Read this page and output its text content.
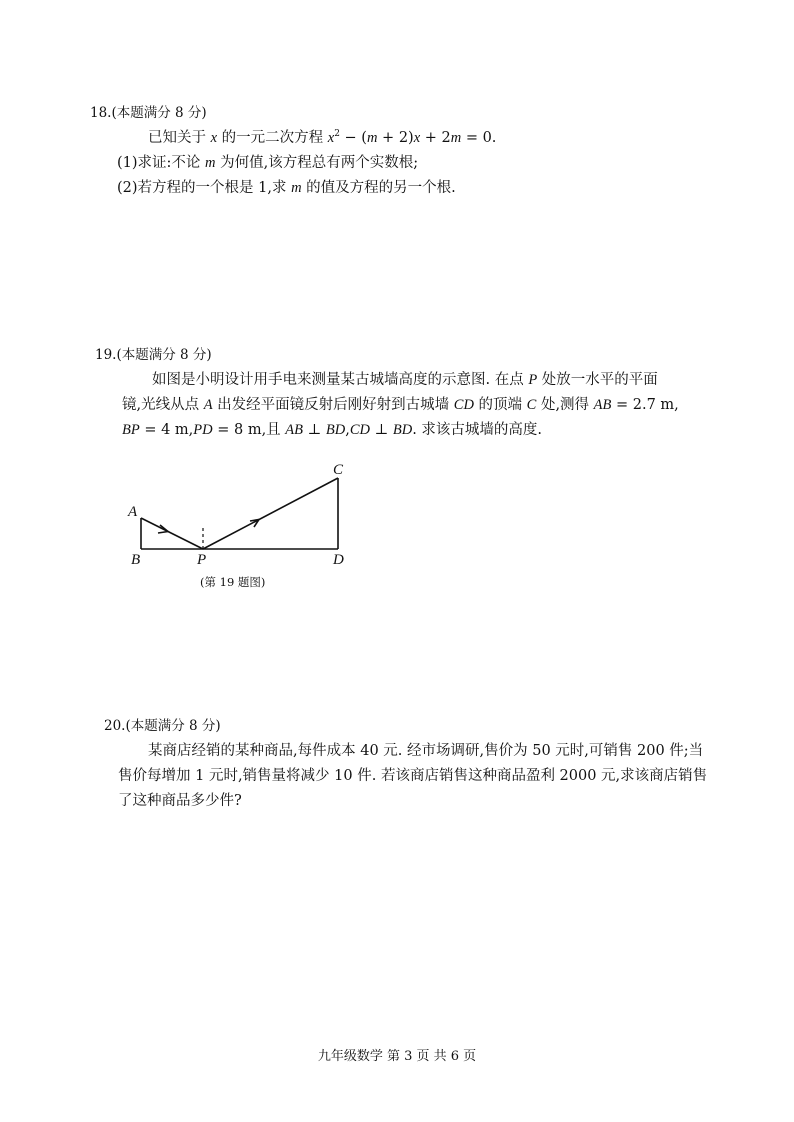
18.(本题满分 8 分)
已知关于 x 的一元二次方程 $x^2 - (m + 2)x + 2m = 0$.
(1)求证:不论 m 为何值,该方程总有两个实数根;
(2)若方程的一个根是 1,求 m 的值及方程的另一个根.
19.(本题满分 8 分)
如图是小明设计用手电来测量某古城墙高度的示意图. 在点 P 处放一水平的平面
镜,光线从点 A 出发经平面镜反射后刚好射到古城墙 CD 的顶端 C 处,测得 AB = 2.7 m,
BP = 4 m,PD = 8 m,且 AB ⊥ BD,CD ⊥ BD. 求该古城墙的高度.
A
B	P
C
D
(第 19 题图)
20.(本题满分 8 分)
某商店经销的某种商品,每件成本 40 元. 经市场调研,售价为 50 元时,可销售 200 件;当
售价每增加 1 元时,销售量将减少 10 件. 若该商店销售这种商品盈利 2000 元,求该商店销售
了这种商品多少件?
九年级数学 第 3 页 共 6 页
